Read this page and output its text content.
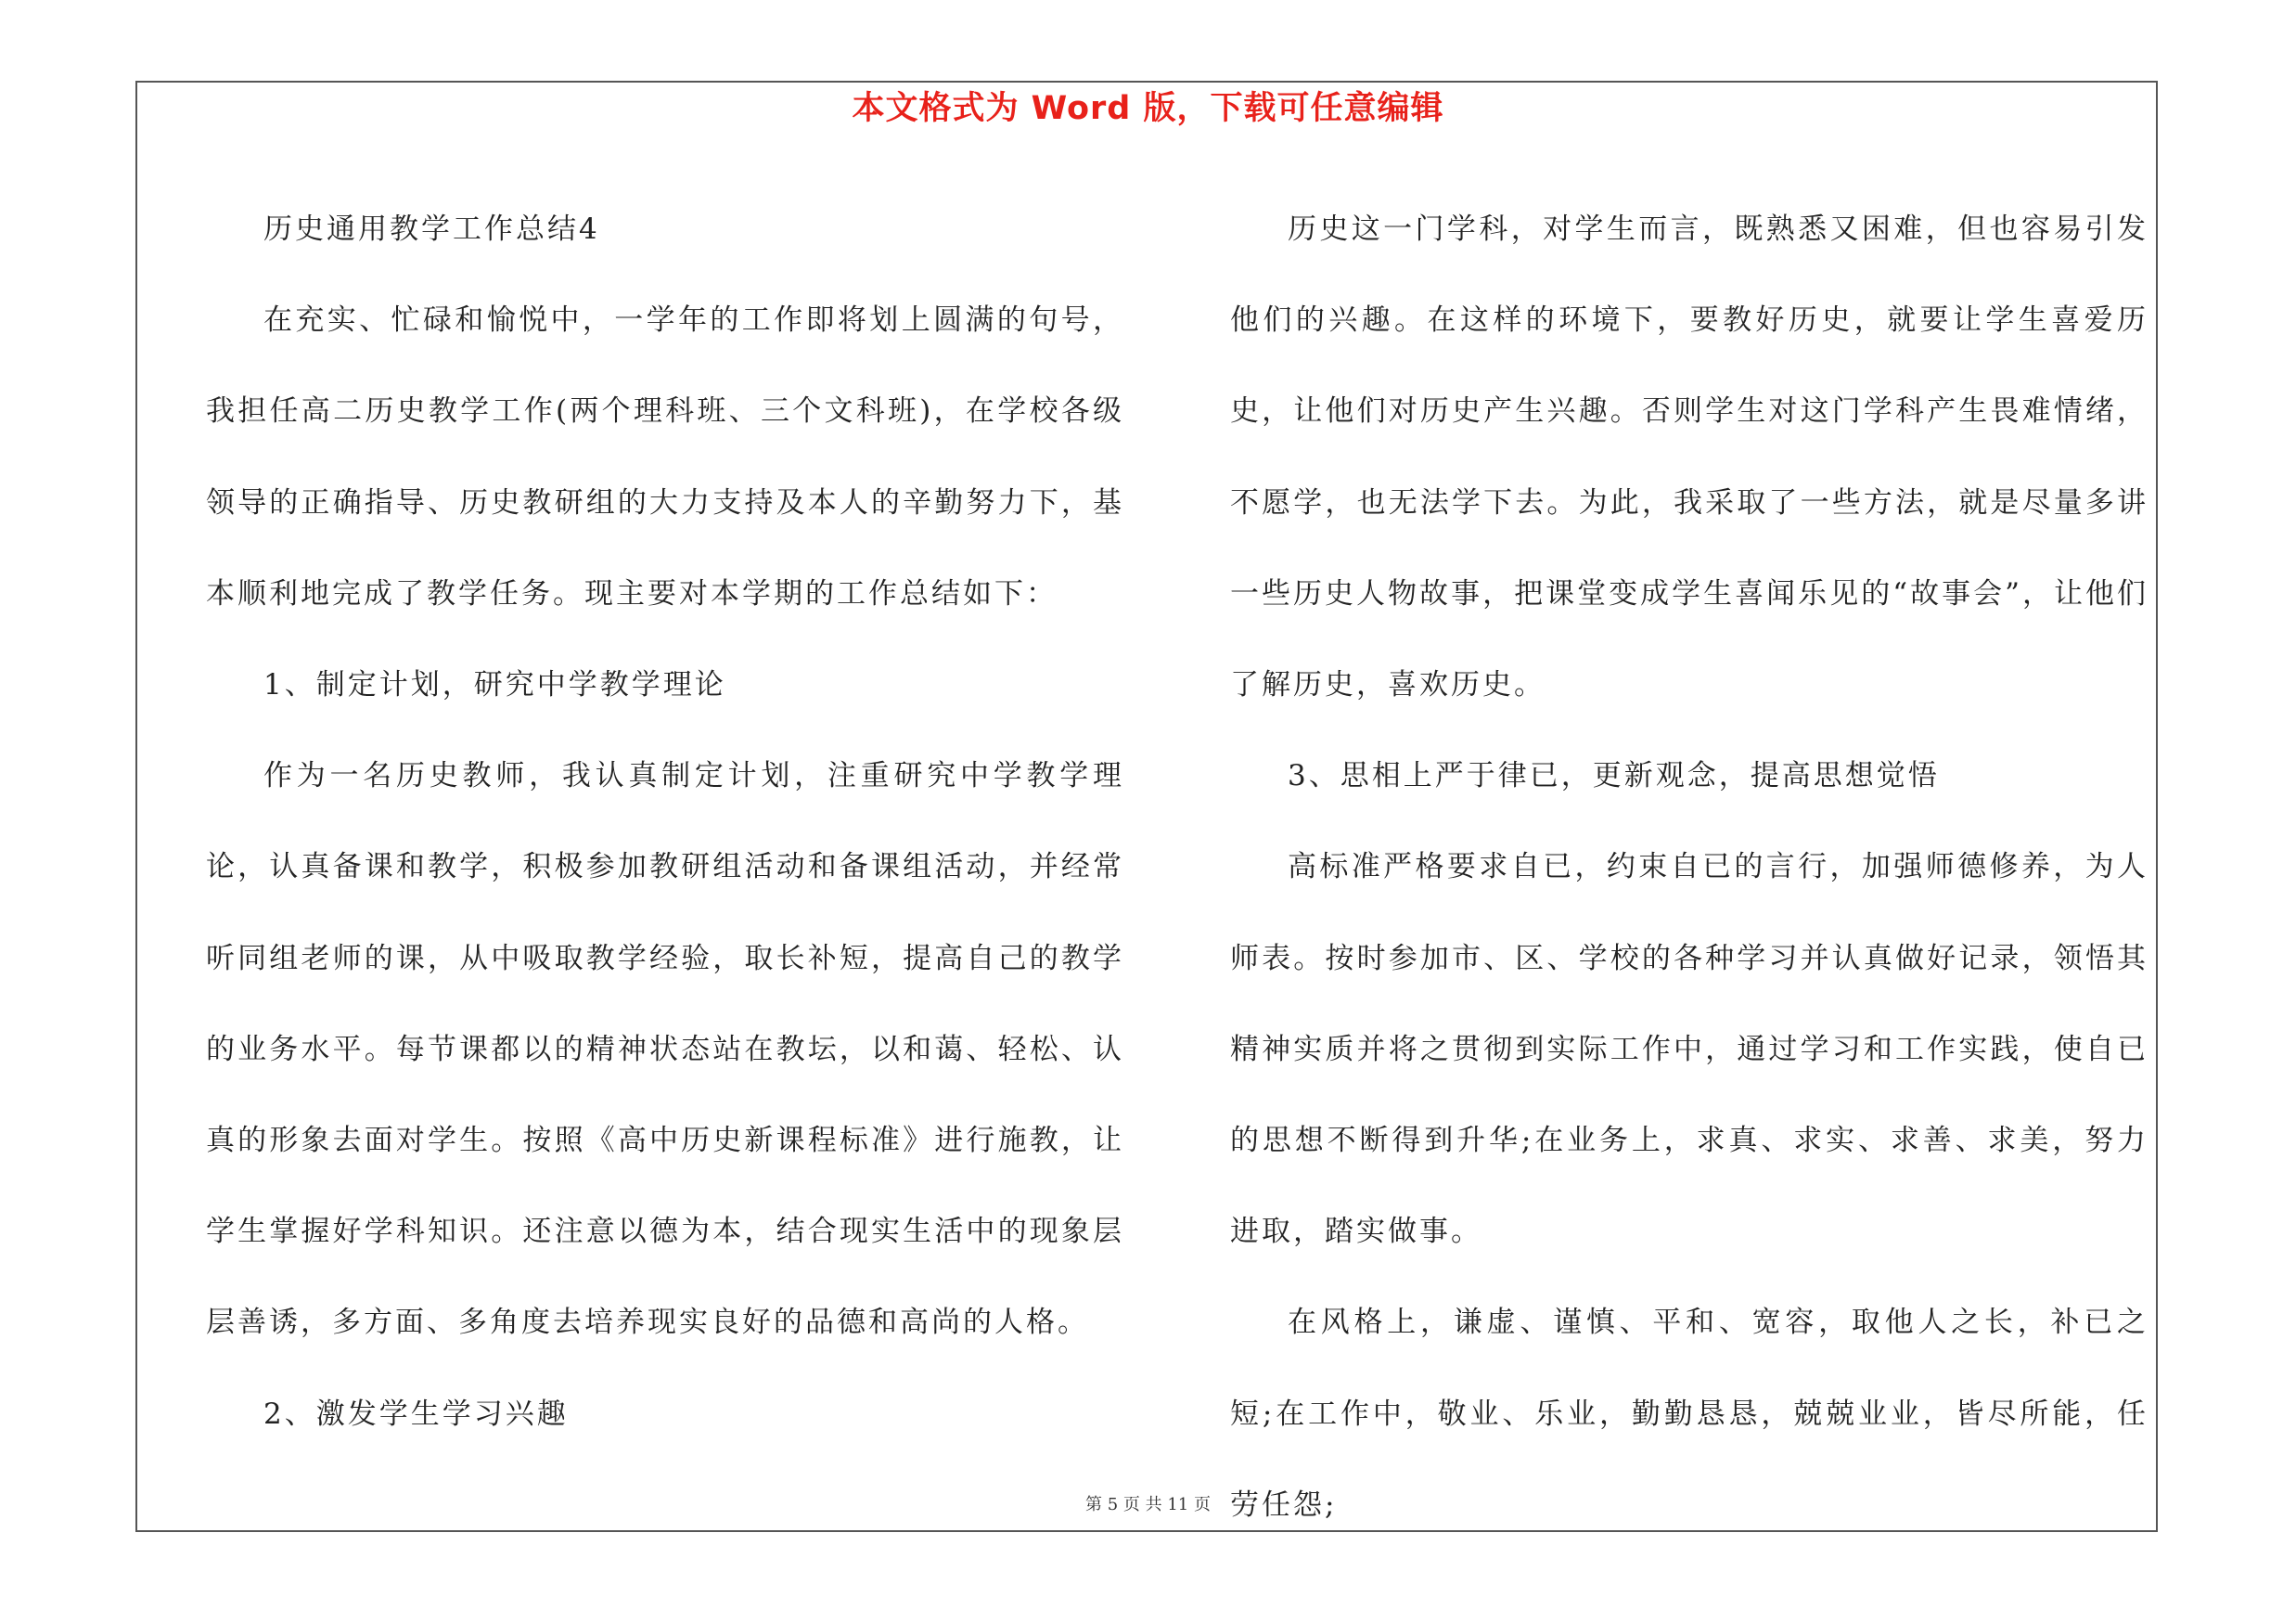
本文格式为 Word 版，下载可任意编辑

历史通用教学工作总结4

在充实、忙碌和愉悦中，一学年的工作即将划上圆满的句号，我担任高二历史教学工作(两个理科班、三个文科班)，在学校各级领导的正确指导、历史教研组的大力支持及本人的辛勤努力下，基本顺利地完成了教学任务。现主要对本学期的工作总结如下：

1、制定计划，研究中学教学理论

作为一名历史教师，我认真制定计划，注重研究中学教学理论，认真备课和教学，积极参加教研组活动和备课组活动，并经常听同组老师的课，从中吸取教学经验，取长补短，提高自己的教学的业务水平。每节课都以的精神状态站在教坛，以和蔼、轻松、认真的形象去面对学生。按照《高中历史新课程标准》进行施教，让学生掌握好学科知识。还注意以德为本，结合现实生活中的现象层层善诱，多方面、多角度去培养现实良好的品德和高尚的人格。

2、激发学生学习兴趣

历史这一门学科，对学生而言，既熟悉又困难，但也容易引发他们的兴趣。在这样的环境下，要教好历史，就要让学生喜爱历史，让他们对历史产生兴趣。否则学生对这门学科产生畏难情绪，不愿学，也无法学下去。为此，我采取了一些方法，就是尽量多讲一些历史人物故事，把课堂变成学生喜闻乐见的“故事会”，让他们了解历史，喜欢历史。

3、思相上严于律已，更新观念，提高思想觉悟

高标准严格要求自已，约束自已的言行，加强师德修养，为人师表。按时参加市、区、学校的各种学习并认真做好记录，领悟其精神实质并将之贯彻到实际工作中，通过学习和工作实践，使自已的思想不断得到升华;在业务上，求真、求实、求善、求美，努力进取，踏实做事。

在风格上，谦虚、谨慎、平和、宽容，取他人之长，补已之短;在工作中，敬业、乐业，勤勤恳恳，兢兢业业，皆尽所能，任劳任怨;

第 5 页 共 11 页
